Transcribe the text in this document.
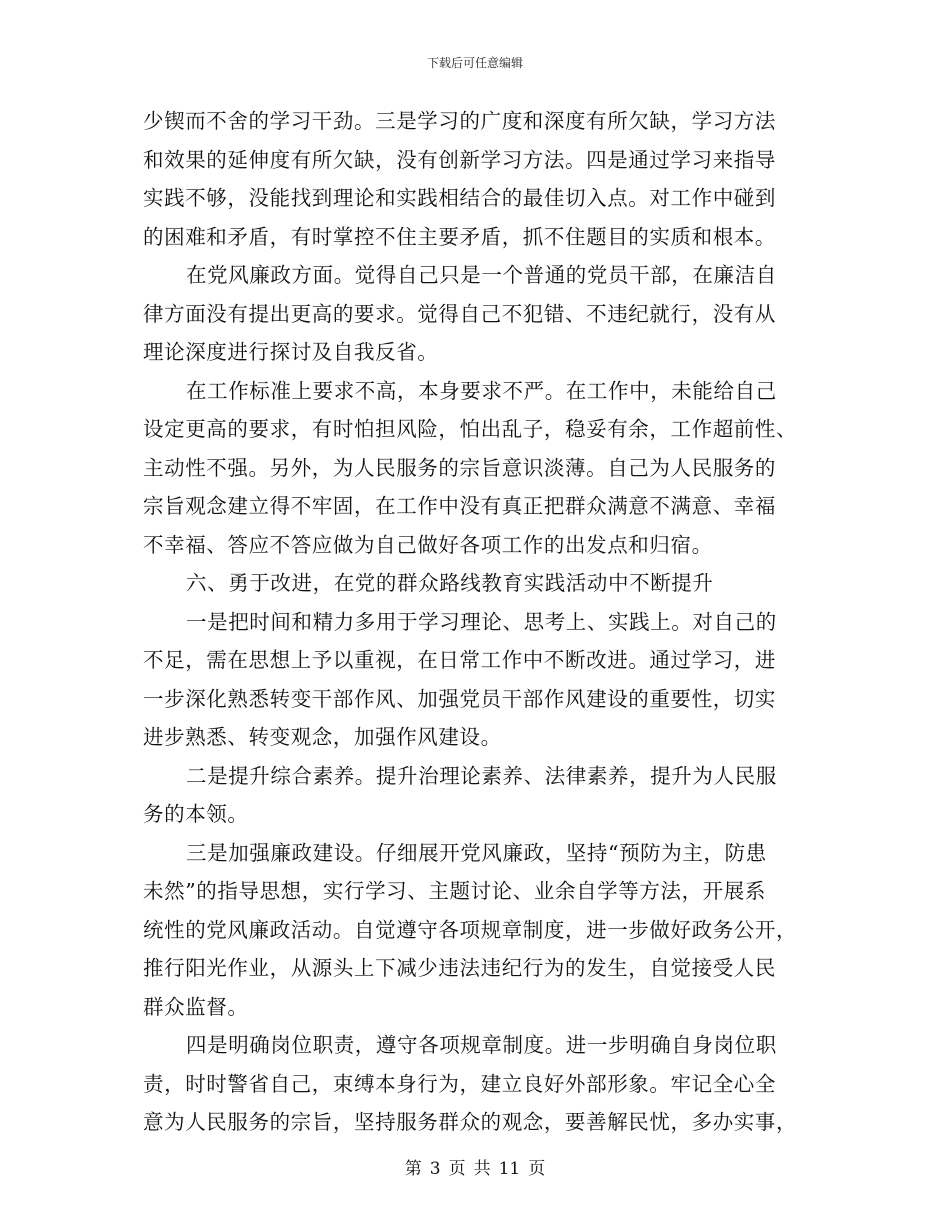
下载后可任意编辑
少锲而不舍的学习干劲。三是学习的广度和深度有所欠缺，学习方法
和效果的延伸度有所欠缺，没有创新学习方法。四是通过学习来指导
实践不够，没能找到理论和实践相结合的最佳切入点。对工作中碰到
的困难和矛盾，有时掌控不住主要矛盾，抓不住题目的实质和根本。
在党风廉政方面。觉得自己只是一个普通的党员干部，在廉洁自
律方面没有提出更高的要求。觉得自己不犯错、不违纪就行，没有从
理论深度进行探讨及自我反省。
在工作标准上要求不高，本身要求不严。在工作中，未能给自己
设定更高的要求，有时怕担风险，怕出乱子，稳妥有余，工作超前性、
主动性不强。另外，为人民服务的宗旨意识淡薄。自己为人民服务的
宗旨观念建立得不牢固，在工作中没有真正把群众满意不满意、幸福
不幸福、答应不答应做为自己做好各项工作的出发点和归宿。
六、勇于改进，在党的群众路线教育实践活动中不断提升
一是把时间和精力多用于学习理论、思考上、实践上。对自己的
不足，需在思想上予以重视，在日常工作中不断改进。通过学习，进
一步深化熟悉转变干部作风、加强党员干部作风建设的重要性，切实
进步熟悉、转变观念，加强作风建设。
二是提升综合素养。提升治理论素养、法律素养，提升为人民服
务的本领。
三是加强廉政建设。仔细展开党风廉政，坚持“预防为主，防患
未然”的指导思想，实行学习、主题讨论、业余自学等方法，开展系
统性的党风廉政活动。自觉遵守各项规章制度，进一步做好政务公开，
推行阳光作业，从源头上下减少违法违纪行为的发生，自觉接受人民
群众监督。
四是明确岗位职责，遵守各项规章制度。进一步明确自身岗位职
责，时时警省自己，束缚本身行为，建立良好外部形象。牢记全心全
意为人民服务的宗旨，坚持服务群众的观念，要善解民忧，多办实事，
第 3 页 共 11 页
